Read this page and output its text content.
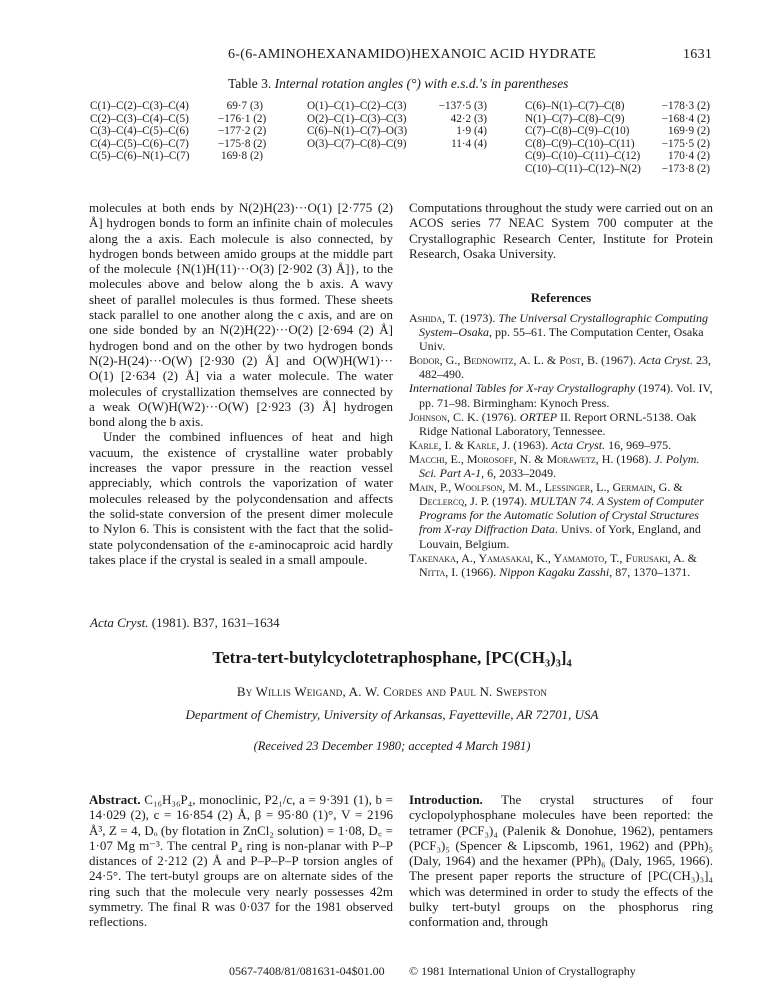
6-(6-AMINOHEXANAMIDO)HEXANOIC ACID HYDRATE	1631
Table 3. Internal rotation angles (°) with e.s.d.'s in parentheses
C(1)–C(2)–C(3)–C(4)	69·7 (3)
C(2)–C(3)–C(4)–C(5)	−176·1 (2)
C(3)–C(4)–C(5)–C(6)	−177·2 (2)
C(4)–C(5)–C(6)–C(7)	−175·8 (2)
C(5)–C(6)–N(1)–C(7)	169·8 (2)
O(1)–C(1)–C(2)–C(3)	−137·5 (3)
O(2)–C(1)–C(3)–C(3)	42·2 (3)
C(6)–N(1)–C(7)–O(3)	1·9 (4)
O(3)–C(7)–C(8)–C(9)	11·4 (4)
C(6)–N(1)–C(7)–C(8)	−178·3 (2)
N(1)–C(7)–C(8)–C(9)	−168·4 (2)
C(7)–C(8)–C(9)–C(10)	169·9 (2)
C(8)–C(9)–C(10)–C(11)	−175·5 (2)
C(9)–C(10)–C(11)–C(12)	170·4 (2)
C(10)–C(11)–C(12)–N(2)	−173·8 (2)

molecules at both ends by N(2)H(23)···O(1) [2·775 (2) Å] hydrogen bonds to form an infinite chain of molecules along the a axis. Each molecule is also connected, by hydrogen bonds between amido groups at the middle part of the molecule {N(1)H(11)···O(3) [2·902 (3) Å]}, to the molecules above and below along the b axis. A wavy sheet of parallel molecules is thus formed. These sheets stack parallel to one another along the c axis, and are on one side bonded by an N(2)H(22)···O(2) [2·694 (2) Å] hydrogen bond and on the other by two hydrogen bonds N(2)-H(24)···O(W) [2·930 (2) Å] and O(W)H(W1)··· O(1) [2·634 (2) Å] via a water molecule. The water molecules of crystallization themselves are connected by a weak O(W)H(W2)···O(W) [2·923 (3) Å] hydrogen bond along the b axis.

Under the combined influences of heat and high vacuum, the existence of crystalline water probably increases the vapor pressure in the reaction vessel appreciably, which controls the vaporization of water molecules released by the polycondensation and affects the solid-state conversion of the present dimer molecule to Nylon 6. This is consistent with the fact that the solid-state polycondensation of the ε-aminocaproic acid hardly takes place if the crystal is sealed in a small ampoule.

Computations throughout the study were carried out on an ACOS series 77 NEAC System 700 computer at the Crystallographic Research Center, Institute for Protein Research, Osaka University.

References

Ashida, T. (1973). The Universal Crystallographic Computing System–Osaka, pp. 55–61. The Computation Center, Osaka Univ.

Bodor, G., Bednowitz, A. L. & Post, B. (1967). Acta Cryst. 23, 482–490.

International Tables for X-ray Crystallography (1974). Vol. IV, pp. 71–98. Birmingham: Kynoch Press.

Johnson, C. K. (1976). ORTEP II. Report ORNL-5138. Oak Ridge National Laboratory, Tennessee.

Karle, I. & Karle, J. (1963). Acta Cryst. 16, 969–975.

Macchi, E., Morosoff, N. & Morawetz, H. (1968). J. Polym. Sci. Part A-1, 6, 2033–2049.

Main, P., Woolfson, M. M., Lessinger, L., Germain, G. & Declercq, J. P. (1974). MULTAN 74. A System of Computer Programs for the Automatic Solution of Crystal Structures from X-ray Diffraction Data. Univs. of York, England, and Louvain, Belgium.

Takenaka, A., Yamasakai, K., Yamamoto, T., Furusaki, A. & Nitta, I. (1966). Nippon Kagaku Zasshi, 87, 1370–1371.

Acta Cryst. (1981). B37, 1631–1634
Tetra-tert-butylcyclotetraphosphane, [PC(CH₃)₃]₄
By Willis Weigand, A. W. Cordes and Paul N. Swepston
Department of Chemistry, University of Arkansas, Fayetteville, AR 72701, USA
(Received 23 December 1980; accepted 4 March 1981)

Abstract. C₁₆H₃₆P₄, monoclinic, P2₁/c, a = 9·391 (1), b = 14·029 (2), c = 16·854 (2) Å, β = 95·80 (1)°, V = 2196 Å³, Z = 4, Dₒ (by flotation in ZnCl₂ solution) = 1·08, D꜀ = 1·07 Mg m⁻³. The central P₄ ring is non-planar with P–P distances of 2·212 (2) Å and P–P–P–P torsion angles of 24·5°. The tert-butyl groups are on alternate sides of the ring such that the molecule very nearly possesses 42m symmetry. The final R was 0·037 for the 1981 observed reflections.

Introduction. The crystal structures of four cyclopolyphosphane molecules have been reported: the tetramer (PCF₃)₄ (Palenik & Donohue, 1962), pentamers (PCF₃)₅ (Spencer & Lipscomb, 1961, 1962) and (PPh)₅ (Daly, 1964) and the hexamer (PPh)₆ (Daly, 1965, 1966). The present paper reports the structure of [PC(CH₃)₃]₄ which was determined in order to study the effects of the bulky tert-butyl groups on the phosphorus ring conformation and, through

0567-7408/81/081631-04$01.00 © 1981 International Union of Crystallography
